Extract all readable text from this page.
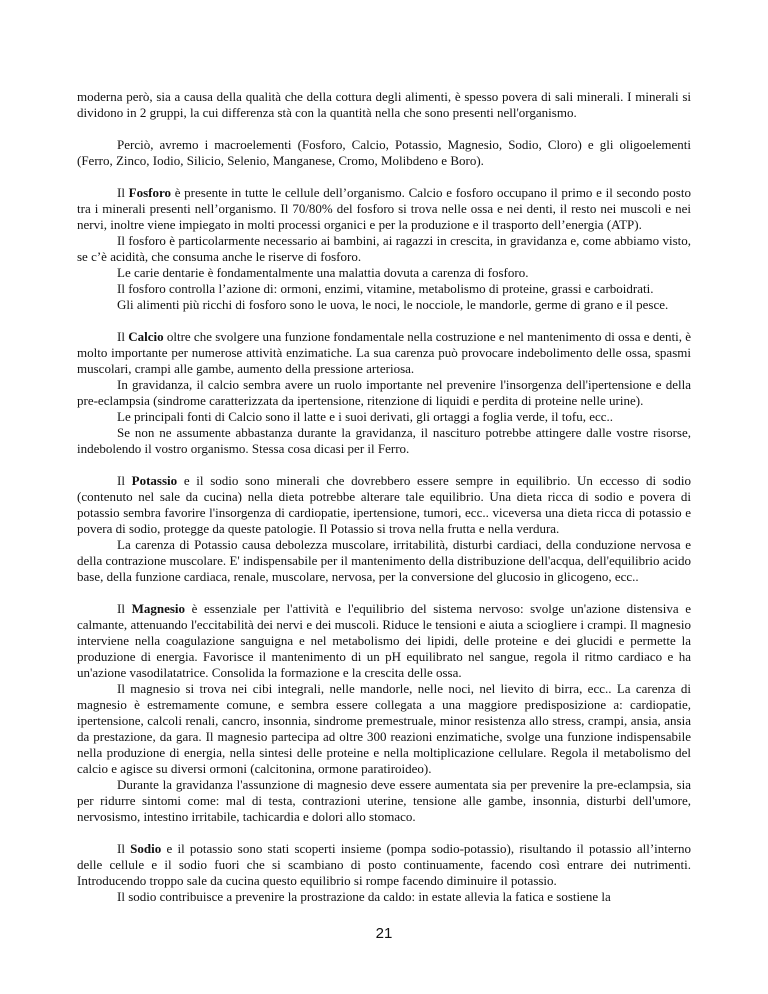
moderna però, sia a causa della qualità che della cottura degli alimenti, è spesso povera di sali minerali. I minerali si dividono in 2 gruppi, la cui differenza stà con la quantità nella che sono presenti nell'organismo.

Perciò, avremo i macroelementi (Fosforo, Calcio, Potassio, Magnesio, Sodio, Cloro) e gli oligoelementi (Ferro, Zinco, Iodio, Silicio, Selenio, Manganese, Cromo, Molibdeno e Boro).

Il Fosforo è presente in tutte le cellule dell’organismo. Calcio e fosforo occupano il primo e il secondo posto tra i minerali presenti nell’organismo. Il 70/80% del fosforo si trova nelle ossa e nei denti, il resto nei muscoli e nei nervi, inoltre viene impiegato in molti processi organici e per la produzione e il trasporto dell’energia (ATP).

Il fosforo è particolarmente necessario ai bambini, ai ragazzi in crescita, in gravidanza e, come abbiamo visto, se c’è acidità, che consuma anche le riserve di fosforo.

Le carie dentarie è fondamentalmente una malattia dovuta a carenza di fosforo.

Il fosforo controlla l’azione di: ormoni, enzimi, vitamine, metabolismo di proteine, grassi e carboidrati.

Gli alimenti più ricchi di fosforo sono le uova, le noci, le nocciole, le mandorle, germe di grano e il pesce.

Il Calcio oltre che svolgere una funzione fondamentale nella costruzione e nel mantenimento di ossa e denti, è molto importante per numerose attività enzimatiche. La sua carenza può provocare indebolimento delle ossa, spasmi muscolari, crampi alle gambe, aumento della pressione arteriosa.

In gravidanza, il calcio sembra avere un ruolo importante nel prevenire l'insorgenza dell'ipertensione e della pre-eclampsia (sindrome caratterizzata da ipertensione, ritenzione di liquidi e perdita di proteine nelle urine).

Le principali fonti di Calcio sono il latte e i suoi derivati, gli ortaggi a foglia verde, il tofu, ecc..

Se non ne assumente abbastanza durante la gravidanza, il nascituro potrebbe attingere dalle vostre risorse, indebolendo il vostro organismo. Stessa cosa dicasi per il Ferro.

Il Potassio e il sodio sono minerali che dovrebbero essere sempre in equilibrio. Un eccesso di sodio (contenuto nel sale da cucina) nella dieta potrebbe alterare tale equilibrio. Una dieta ricca di sodio e povera di potassio sembra favorire l'insorgenza di cardiopatie, ipertensione, tumori, ecc.. viceversa una dieta ricca di potassio e povera di sodio, protegge da queste patologie. Il Potassio si trova nella frutta e nella verdura.

La carenza di Potassio causa debolezza muscolare, irritabilità, disturbi cardiaci, della conduzione nervosa e della contrazione muscolare. E' indispensabile per il mantenimento della distribuzione dell'acqua, dell'equilibrio acido base, della funzione cardiaca, renale, muscolare, nervosa, per la conversione del glucosio in glicogeno, ecc..

Il Magnesio è essenziale per l'attività e l'equilibrio del sistema nervoso: svolge un'azione distensiva e calmante, attenuando l'eccitabilità dei nervi e dei muscoli. Riduce le tensioni e aiuta a sciogliere i crampi. Il magnesio interviene nella coagulazione sanguigna e nel metabolismo dei lipidi, delle proteine e dei glucidi e permette la produzione di energia. Favorisce il mantenimento di un pH equilibrato nel sangue, regola il ritmo cardiaco e ha un'azione vasodilatatrice. Consolida la formazione e la crescita delle ossa.

Il magnesio si trova nei cibi integrali, nelle mandorle, nelle noci, nel lievito di birra, ecc.. La carenza di magnesio è estremamente comune, e sembra essere collegata a una maggiore predisposizione a: cardiopatie, ipertensione, calcoli renali, cancro, insonnia, sindrome premestruale, minor resistenza allo stress, crampi, ansia, ansia da prestazione, da gara. Il magnesio partecipa ad oltre 300 reazioni enzimatiche, svolge una funzione indispensabile nella produzione di energia, nella sintesi delle proteine e nella moltiplicazione cellulare. Regola il metabolismo del calcio e agisce su diversi ormoni (calcitonina, ormone paratiroideo).

Durante la gravidanza l'assunzione di magnesio deve essere aumentata sia per prevenire la pre-eclampsia, sia per ridurre sintomi come: mal di testa, contrazioni uterine, tensione alle gambe, insonnia, disturbi dell'umore, nervosismo, intestino irritabile, tachicardia e dolori allo stomaco.

Il Sodio e il potassio sono stati scoperti insieme (pompa sodio-potassio), risultando il potassio all’interno delle cellule e il sodio fuori che si scambiano di posto continuamente, facendo così entrare dei nutrimenti. Introducendo troppo sale da cucina questo equilibrio si rompe facendo diminuire il potassio.

Il sodio contribuisce a prevenire la prostrazione da caldo: in estate allevia la fatica e sostiene la

21
